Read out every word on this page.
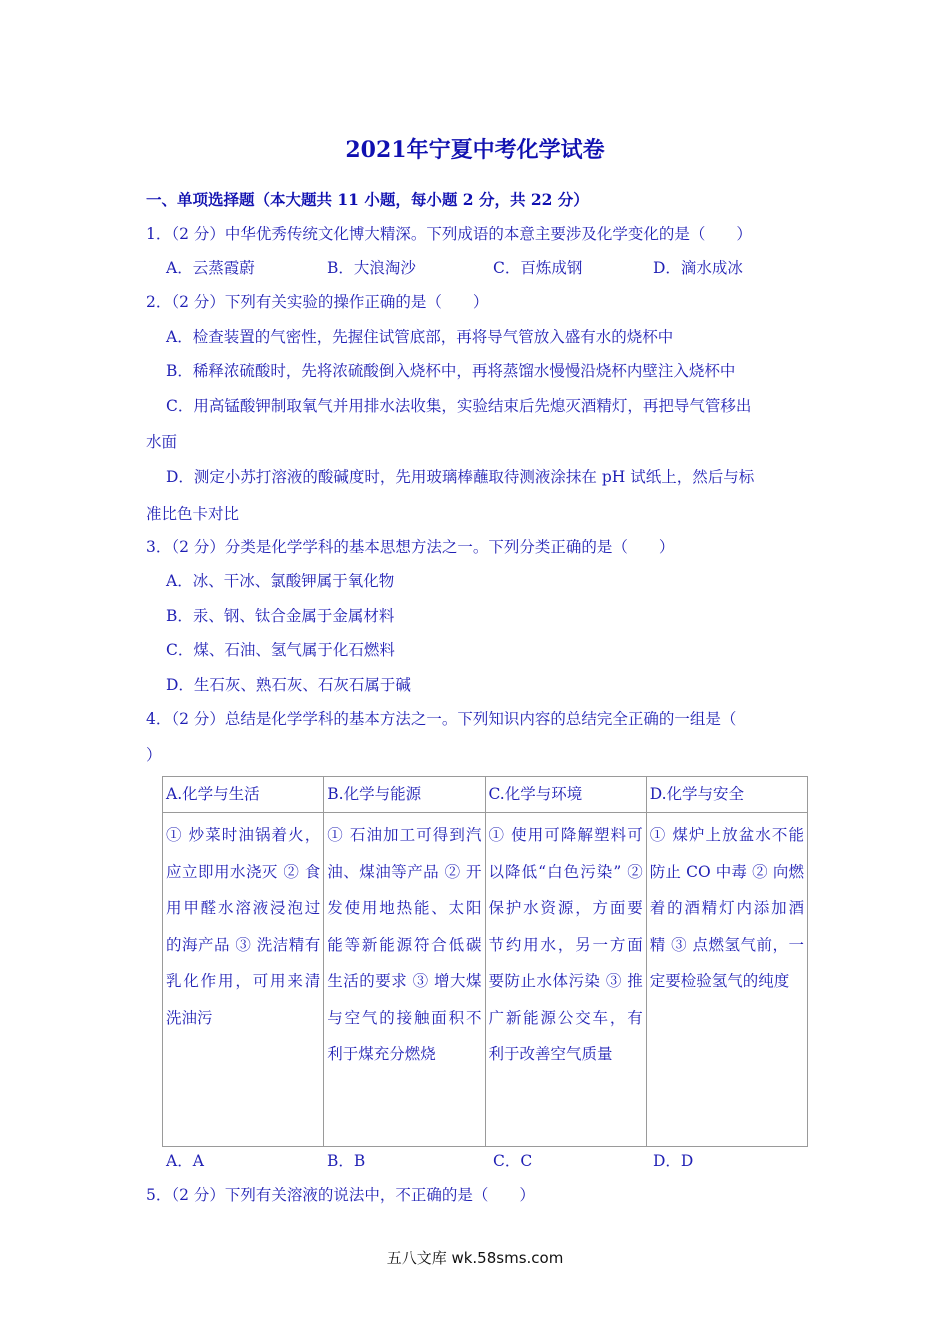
2021年宁夏中考化学试卷
一、单项选择题（本大题共 11 小题，每小题 2 分，共 22 分）
1．（2 分）中华优秀传统文化博大精深。下列成语的本意主要涉及化学变化的是（　　）
A．云蒸霞蔚	B．大浪淘沙	C．百炼成钢	D．滴水成冰
2．（2 分）下列有关实验的操作正确的是（　　）
A．检查装置的气密性，先握住试管底部，再将导气管放入盛有水的烧杯中
B．稀释浓硫酸时，先将浓硫酸倒入烧杯中，再将蒸馏水慢慢沿烧杯内壁注入烧杯中
C．用高锰酸钾制取氧气并用排水法收集，实验结束后先熄灭酒精灯，再把导气管移出
水面
D．测定小苏打溶液的酸碱度时，先用玻璃棒蘸取待测液涂抹在 pH 试纸上，然后与标
准比色卡对比
3．（2 分）分类是化学学科的基本思想方法之一。下列分类正确的是（　　）
A．冰、干冰、氯酸钾属于氧化物
B．汞、钢、钛合金属于金属材料
C．煤、石油、氢气属于化石燃料
D．生石灰、熟石灰、石灰石属于碱
4．（2 分）总结是化学学科的基本方法之一。下列知识内容的总结完全正确的一组是（
）
A.化学与生活	B.化学与能源	C.化学与环境	D.化学与安全
① 炒菜时油锅着火，应立即用水浇灭 ② 食用甲醛水溶液浸泡过的海产品 ③ 洗洁精有乳化作用，可用来清洗油污	① 石油加工可得到汽油、煤油等产品 ② 开发使用地热能、太阳能等新能源符合低碳生活的要求 ③ 增大煤与空气的接触面积不利于煤充分燃烧	① 使用可降解塑料可以降低“白色污染” ② 保护水资源，方面要节约用水，另一方面要防止水体污染 ③ 推广新能源公交车，有利于改善空气质量	① 煤炉上放盆水不能防止 CO 中毒 ② 向燃着的酒精灯内添加酒精 ③ 点燃氢气前，一定要检验氢气的纯度
A．A	B．B	C．C	D．D
5．（2 分）下列有关溶液的说法中，不正确的是（　　）
五八文库 wk.58sms.com
